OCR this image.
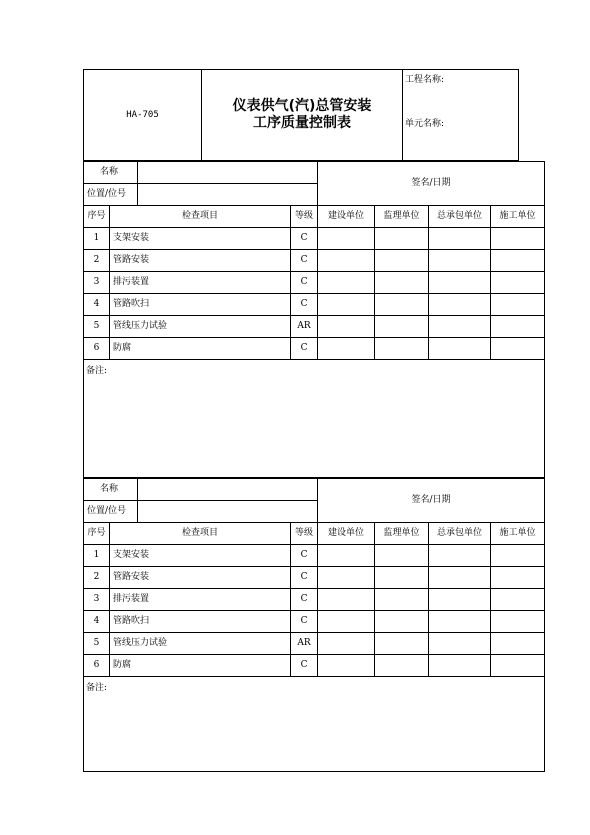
HA-705	
仪表供气(汽)总管安装
工序质量控制表

工程名称:
单元名称:
名称				签名/日期			
位置/位号							
序号	检查项目		等级	建设单位	监理单位	总承包单位	施工单位
1	支架安装		C				
2	管路安装		C				
3	排污装置		C				
4	管路吹扫		C				
5	管线压力试验		AR				
6	防腐		C				
备注:							
名称				签名/日期			
位置/位号							
序号	检查项目		等级	建设单位	监理单位	总承包单位	施工单位
1	支架安装		C				
2	管路安装		C				
3	排污装置		C				
4	管路吹扫		C				
5	管线压力试验		AR				
6	防腐		C				
备注:							
